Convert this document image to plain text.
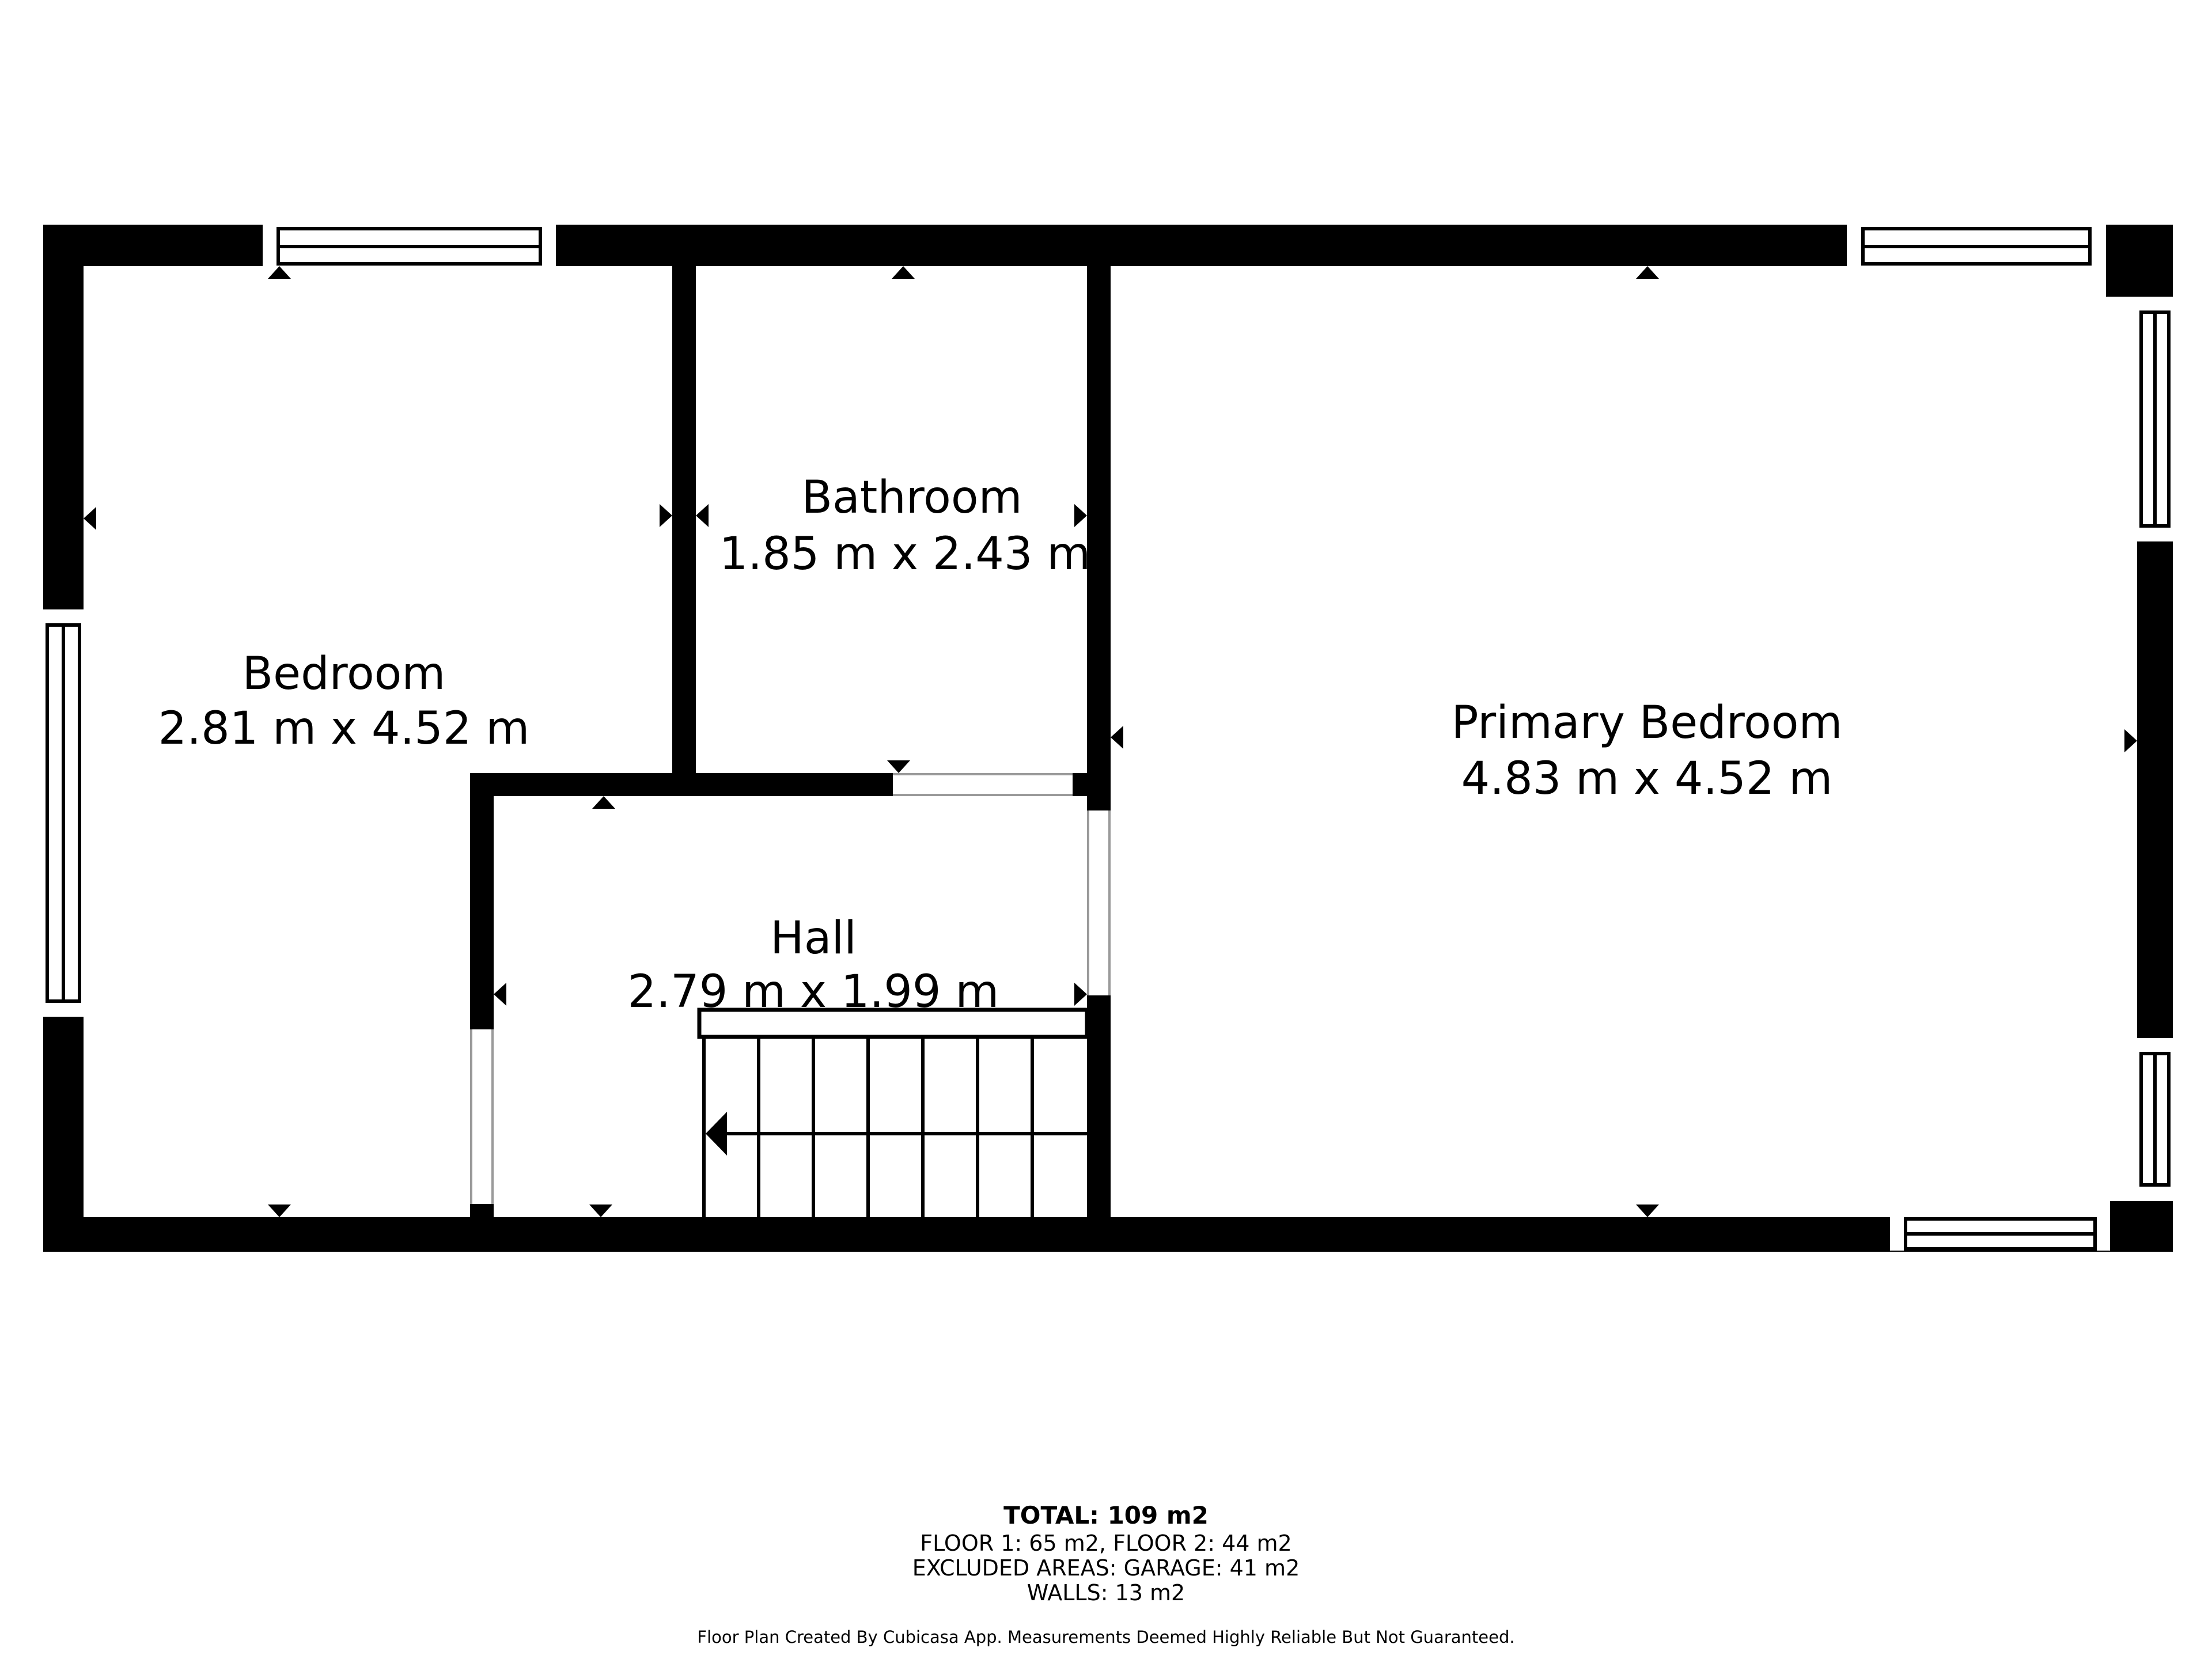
Bedroom
2.81 m x 4.52 m
Bathroom
1.85 m x 2.43 m
Primary Bedroom
4.83 m x 4.52 m
Hall
2.79 m x 1.99 m
TOTAL: 109 m2
FLOOR 1: 65 m2, FLOOR 2: 44 m2
EXCLUDED AREAS: GARAGE: 41 m2
WALLS: 13 m2
Floor Plan Created By Cubicasa App. Measurements Deemed Highly Reliable But Not Guaranteed.
